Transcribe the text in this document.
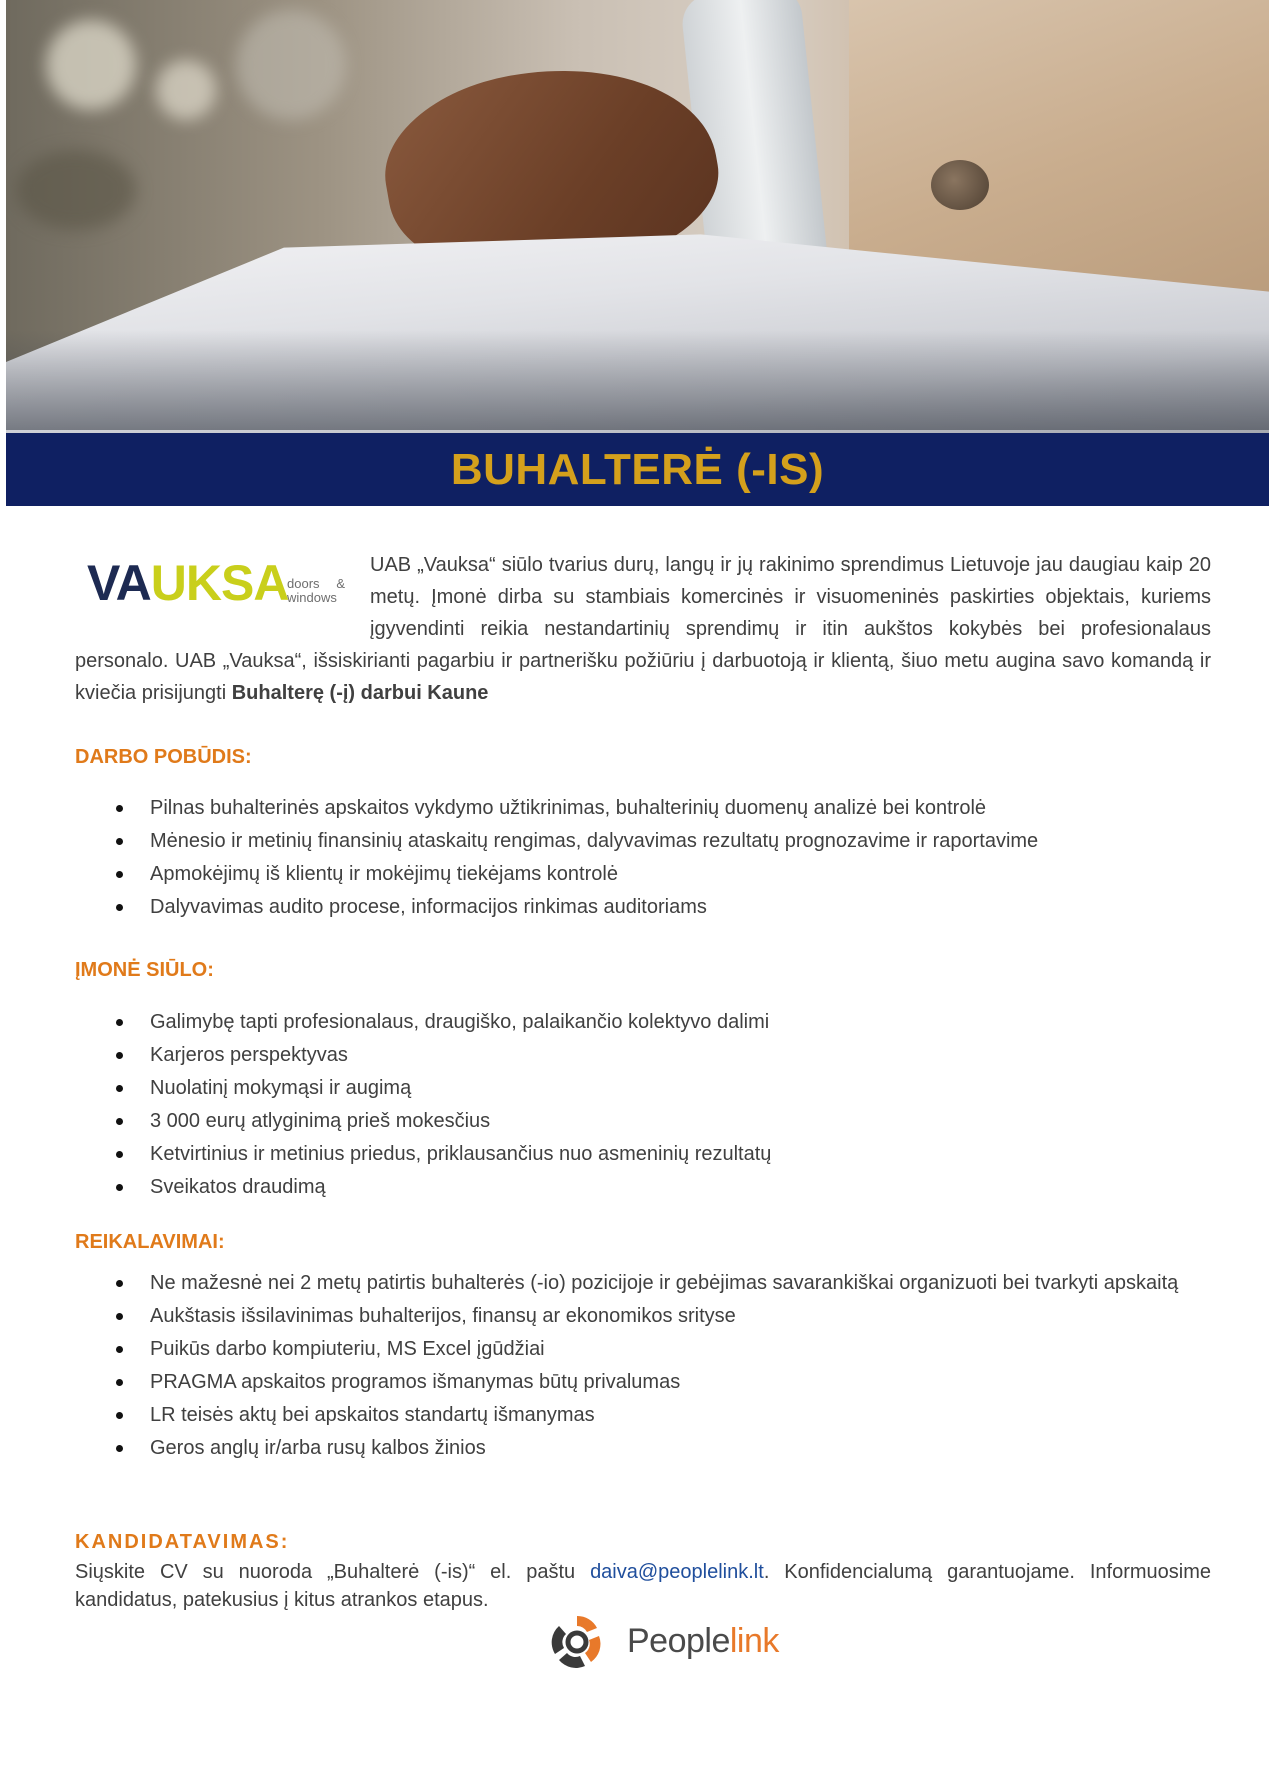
BUHALTERĖ (-IS)
VAUKSA
doors & windows
UAB „Vauksa“ siūlo tvarius durų, langų ir jų rakinimo sprendimus Lietuvoje jau daugiau kaip 20 metų. Įmonė dirba su stambiais komercinės ir visuomeninės paskirties objektais, kuriems įgyvendinti reikia nestandartinių sprendimų ir itin aukštos kokybės bei profesionalaus personalo. UAB „Vauksa“, išsiskirianti pagarbiu ir partnerišku požiūriu į darbuotoją ir klientą, šiuo metu augina savo komandą ir kviečia prisijungti Buhalterę (-į) darbui Kaune
DARBO POBŪDIS:
Pilnas buhalterinės apskaitos vykdymo užtikrinimas, buhalterinių duomenų analizė bei kontrolė
Mėnesio ir metinių finansinių ataskaitų rengimas, dalyvavimas rezultatų prognozavime ir raportavime
Apmokėjimų iš klientų ir mokėjimų tiekėjams kontrolė
Dalyvavimas audito procese, informacijos rinkimas auditoriams
ĮMONĖ SIŪLO:
Galimybę tapti profesionalaus, draugiško, palaikančio kolektyvo dalimi
Karjeros perspektyvas
Nuolatinį mokymąsi ir augimą
3 000 eurų atlyginimą prieš mokesčius
Ketvirtinius ir metinius priedus, priklausančius nuo asmeninių rezultatų
Sveikatos draudimą
REIKALAVIMAI:
Ne mažesnė nei 2 metų patirtis buhalterės (-io) pozicijoje ir gebėjimas savarankiškai organizuoti bei tvarkyti apskaitą
Aukštasis išsilavinimas buhalterijos, finansų ar ekonomikos srityse
Puikūs darbo kompiuteriu, MS Excel įgūdžiai
PRAGMA apskaitos programos išmanymas būtų privalumas
LR teisės aktų bei apskaitos standartų išmanymas
Geros anglų ir/arba rusų kalbos žinios
KANDIDATAVIMAS:
Siųskite CV su nuoroda „Buhalterė (-is)“ el. paštu daiva@peoplelink.lt. Konfidencialumą garantuojame. Informuosime kandidatus, patekusius į kitus atrankos etapus.
Peoplelink
